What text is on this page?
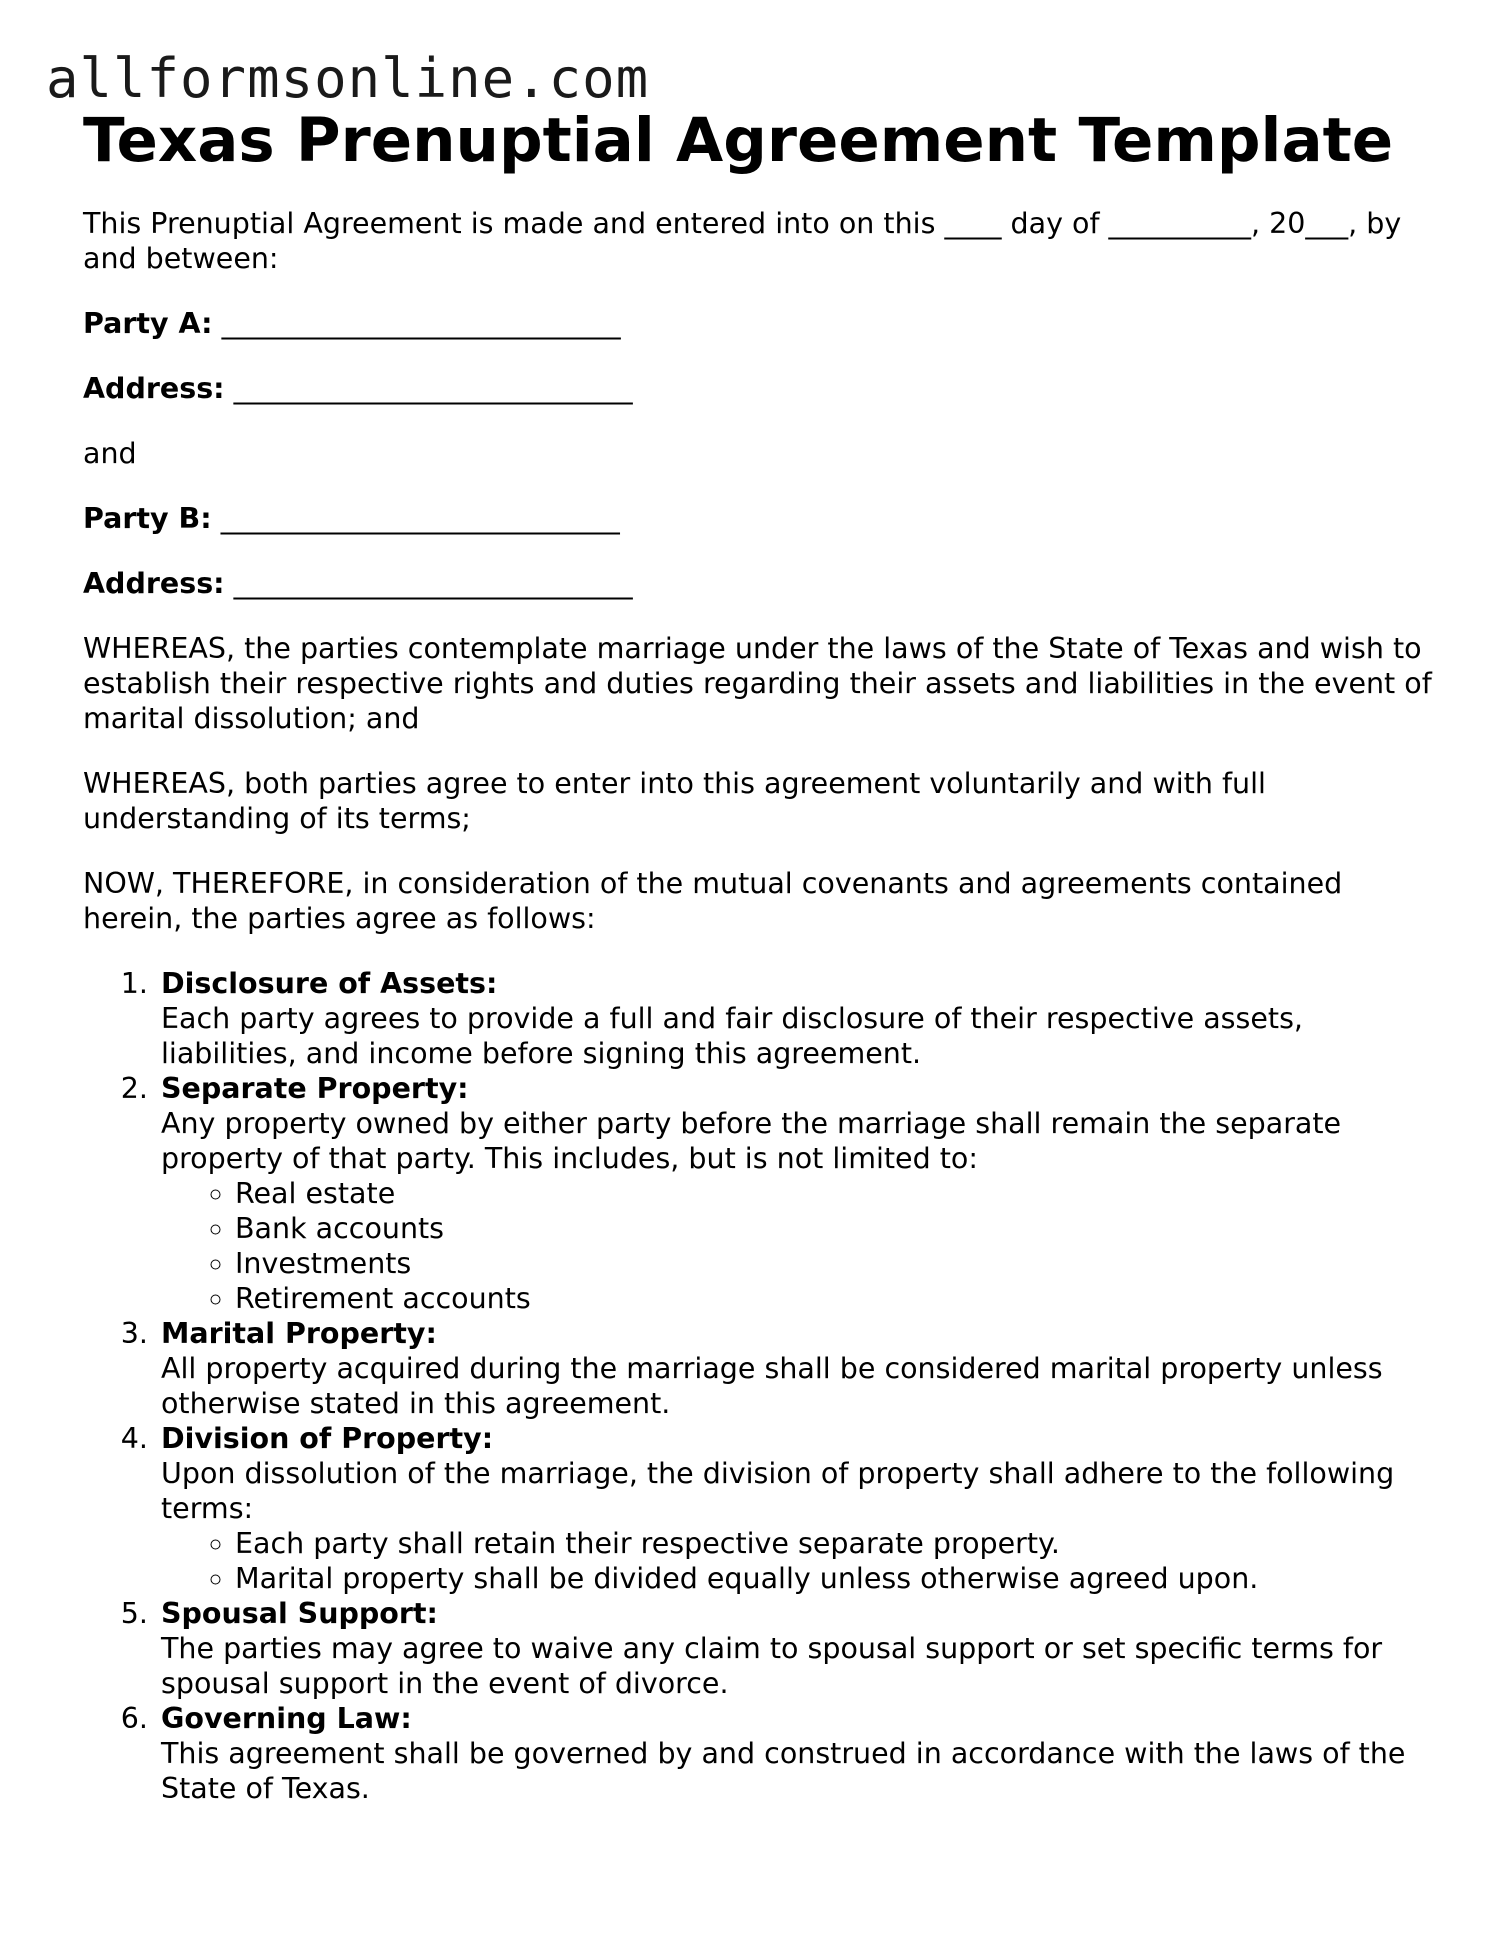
allformsonline.com
Texas Prenuptial Agreement Template

This Prenuptial Agreement is made and entered into on this ____ day of __________, 20___, by and between:

Party A: ____________________________

Address: ____________________________

and

Party B: ____________________________

Address: ____________________________

WHEREAS, the parties contemplate marriage under the laws of the State of Texas and wish to establish their respective rights and duties regarding their assets and liabilities in the event of marital dissolution; and

WHEREAS, both parties agree to enter into this agreement voluntarily and with full understanding of its terms;

NOW, THEREFORE, in consideration of the mutual covenants and agreements contained herein, the parties agree as follows:

1. Disclosure of Assets:
Each party agrees to provide a full and fair disclosure of their respective assets, liabilities, and income before signing this agreement.
2. Separate Property:
Any property owned by either party before the marriage shall remain the separate property of that party. This includes, but is not limited to:
◦ Real estate
◦ Bank accounts
◦ Investments
◦ Retirement accounts
3. Marital Property:
All property acquired during the marriage shall be considered marital property unless otherwise stated in this agreement.
4. Division of Property:
Upon dissolution of the marriage, the division of property shall adhere to the following terms:
◦ Each party shall retain their respective separate property.
◦ Marital property shall be divided equally unless otherwise agreed upon.
5. Spousal Support:
The parties may agree to waive any claim to spousal support or set specific terms for spousal support in the event of divorce.
6. Governing Law:
This agreement shall be governed by and construed in accordance with the laws of the State of Texas.
